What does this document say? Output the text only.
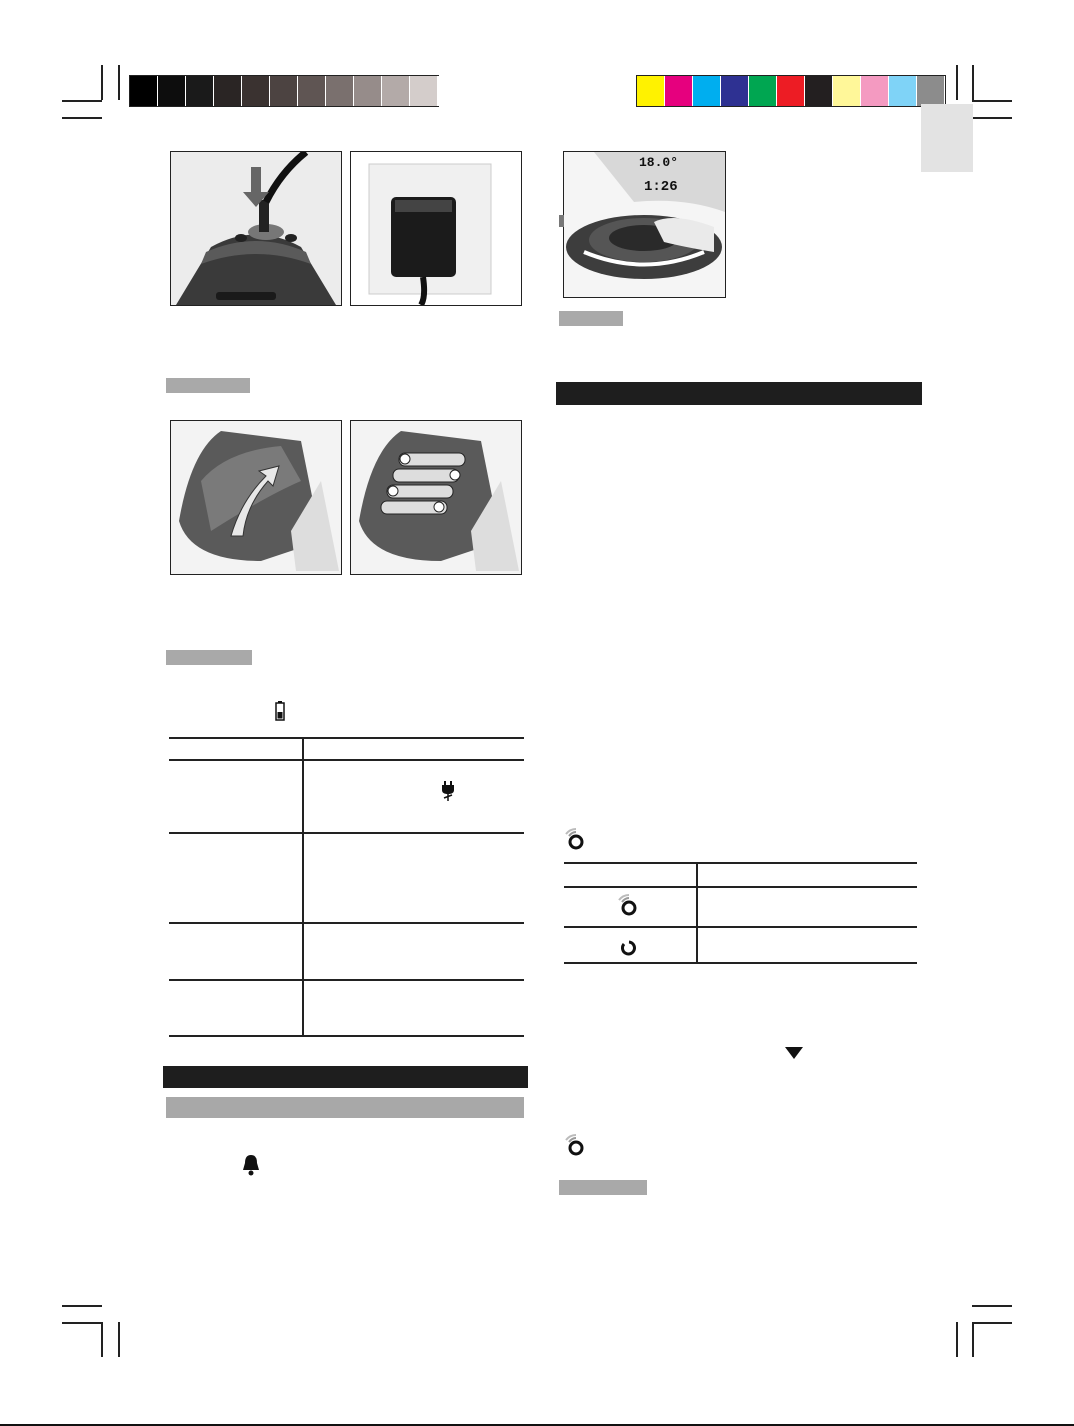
18.0°
1:26
